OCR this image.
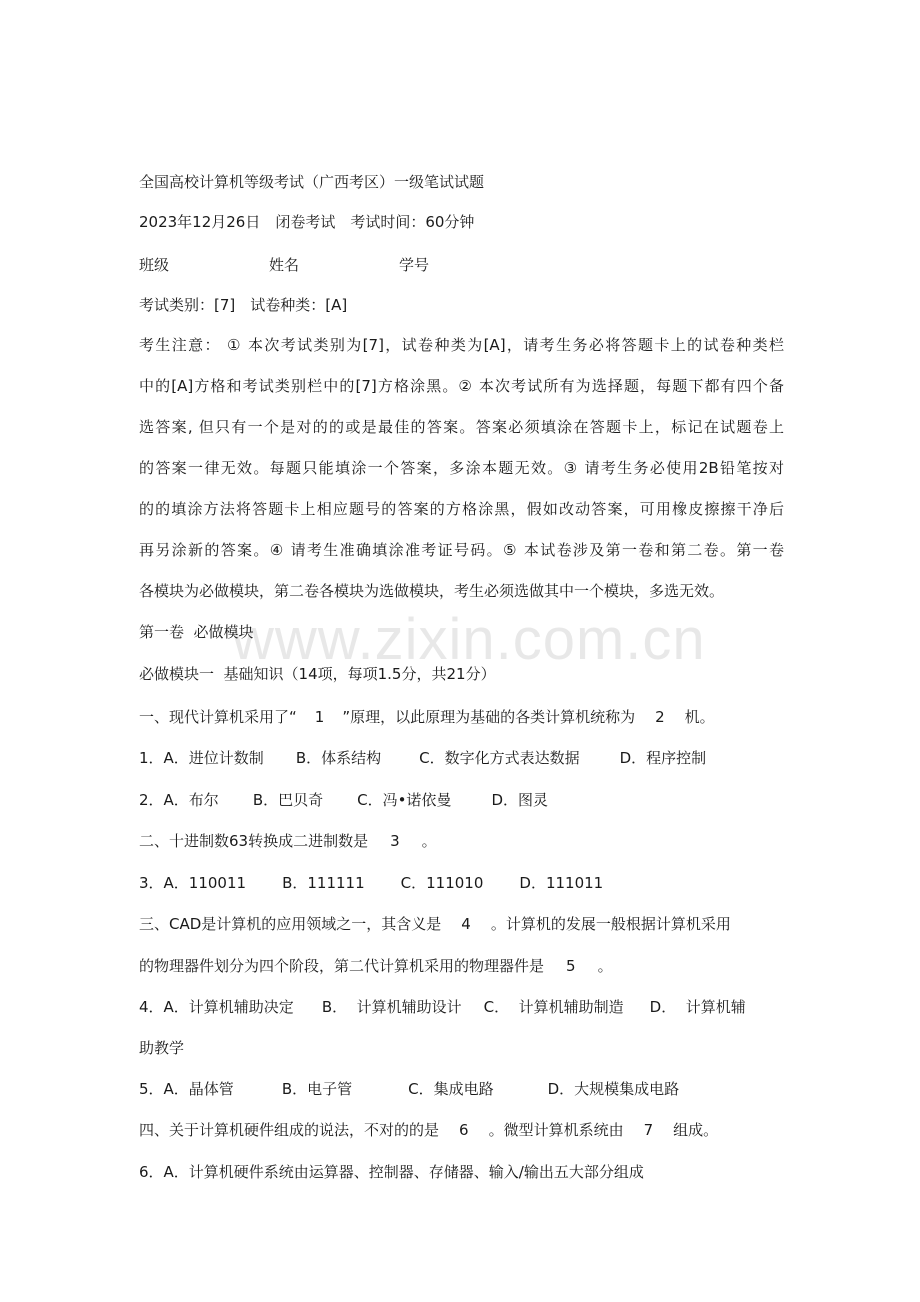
www.zixin.com.cn

全国高校计算机等级考试（广西考区）一级笔试试题

2023年12月26日　闭卷考试　考试时间：60分钟

班级	姓名	学号

考试类别：[7]　试卷种类：[A]

考生注意： ① 本次考试类别为[7]，试卷种类为[A]，请考生务必将答题卡上的试卷种类栏

中的[A]方格和考试类别栏中的[7]方格涂黑。② 本次考试所有为选择题，每题下都有四个备

选答案, 但只有一个是对的的或是最佳的答案。答案必须填涂在答题卡上，标记在试题卷上

的答案一律无效。每题只能填涂一个答案，多涂本题无效。③ 请考生务必使用2B铅笔按对

的的填涂方法将答题卡上相应题号的答案的方格涂黑，假如改动答案，可用橡皮擦擦干净后

再另涂新的答案。④ 请考生准确填涂准考证号码。⑤ 本试卷涉及第一卷和第二卷。第一卷

各模块为必做模块，第二卷各模块为选做模块，考生必须选做其中一个模块，多选无效。

第一卷  必做模块

必做模块一  基础知识（14项，每项1.5分，共21分）

一、现代计算机采用了“ 1 ”原理，以此原理为基础的各类计算机统称为 2 机。

1．A．进位计数制 B．体系结构	C．数字化方式表达数据	D．程序控制

2．A．布尔 B．巴贝奇 C．冯•诺依曼	D．图灵

二、十进制数63转换成二进制数是 3 。

3．A．110011 B．111111 C．111010 D．111011

三、CAD是计算机的应用领域之一，其含义是 4 。计算机的发展一般根据计算机采用

的物理器件划分为四个阶段，第二代计算机采用的物理器件是 5 。

4．A．计算机辅助决定 B．  计算机辅助设计 C．  计算机辅助制造 D．  计算机辅

助教学

5．A．晶体管	B．电子管	C．集成电路	D．大规模集成电路

四、关于计算机硬件组成的说法，不对的的是 6 。微型计算机系统由 7 组成。

6．A．计算机硬件系统由运算器、控制器、存储器、输入/输出五大部分组成
